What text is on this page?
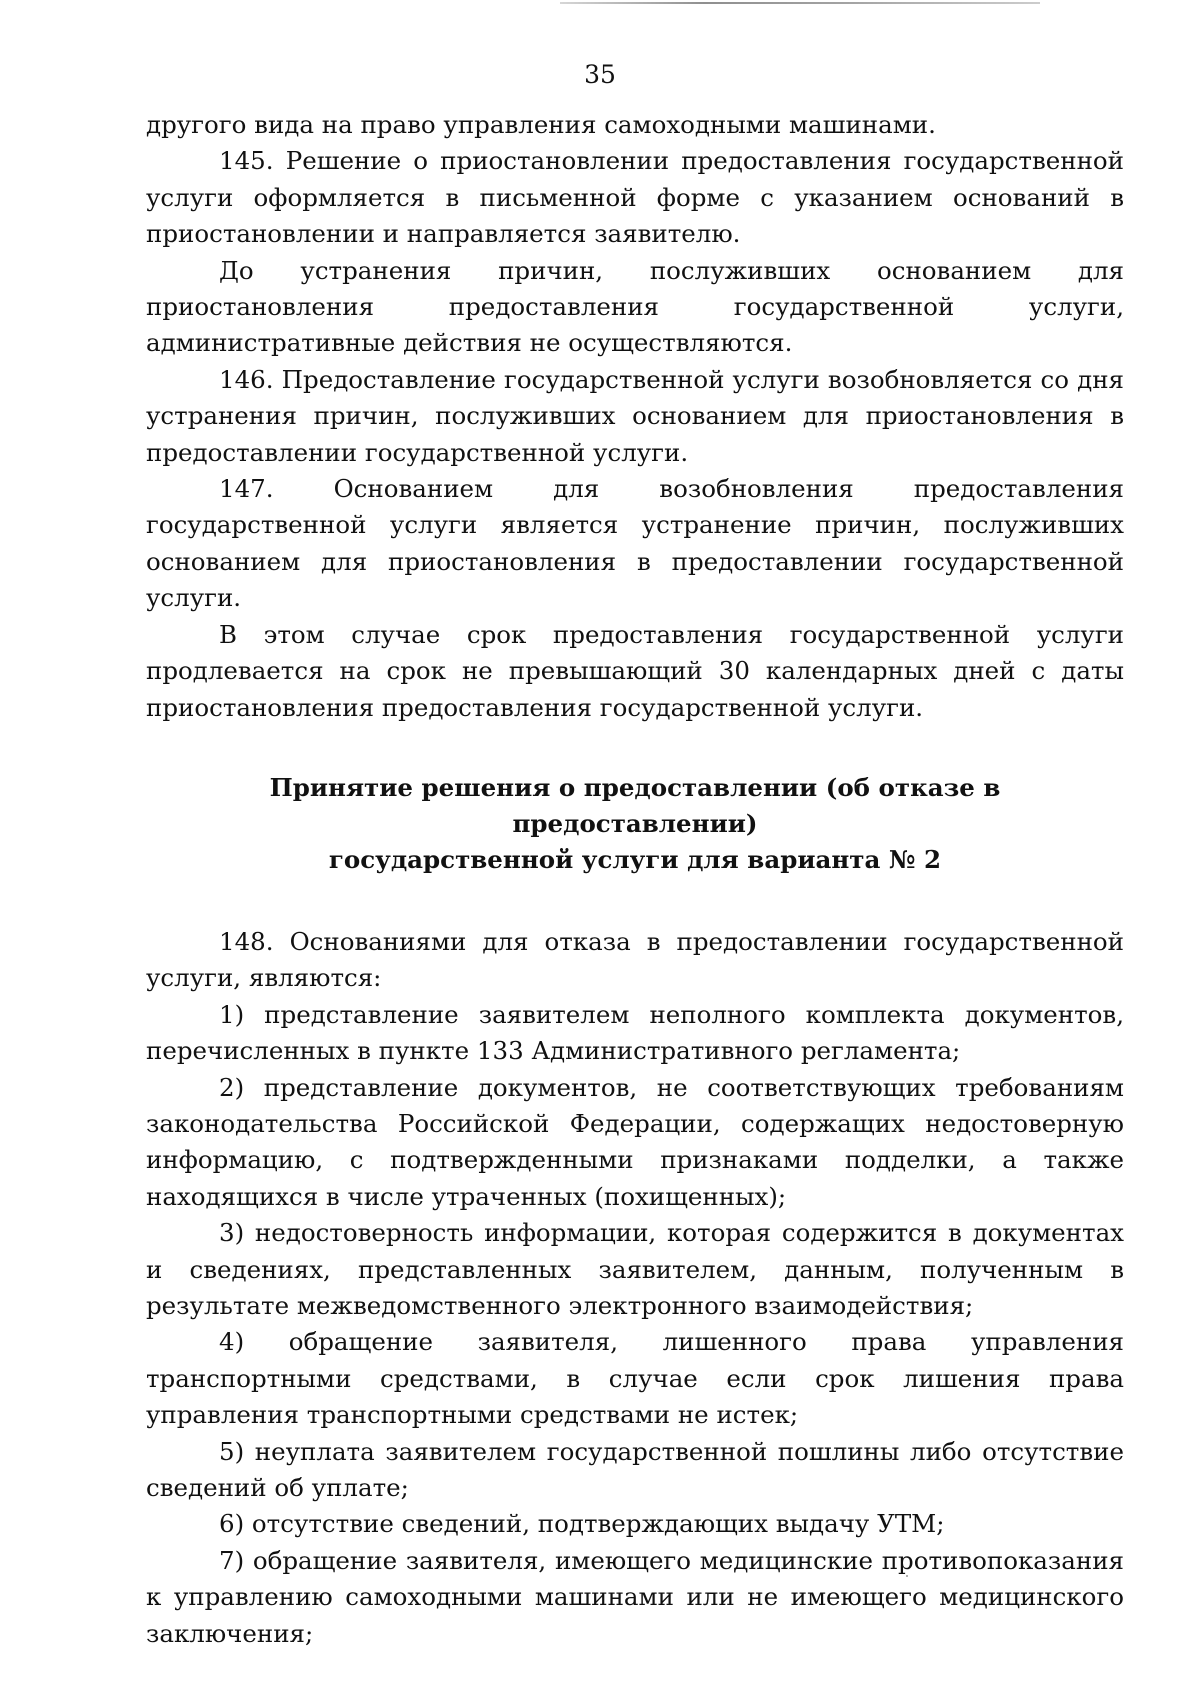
35

другого вида на право управления самоходными машинами.

145. Решение о приостановлении предоставления государственной услуги оформляется в письменной форме с указанием оснований в приостановлении и направляется заявителю.

До устранения причин, послуживших основанием для приостановления предоставления государственной услуги, административные действия не осуществляются.

146. Предоставление государственной услуги возобновляется со дня устранения причин, послуживших основанием для приостановления в предоставлении государственной услуги.

147. Основанием для возобновления предоставления государственной услуги является устранение причин, послуживших основанием для приостановления в предоставлении государственной услуги.

В этом случае срок предоставления государственной услуги продлевается на срок не превышающий 30 календарных дней с даты приостановления предоставления государственной услуги.

Принятие решения о предоставлении (об отказе в предоставлении)
государственной услуги для варианта № 2

148. Основаниями для отказа в предоставлении государственной услуги, являются:

1) представление заявителем неполного комплекта документов, перечисленных в пункте 133 Административного регламента;

2) представление документов, не соответствующих требованиям законодательства Российской Федерации, содержащих недостоверную информацию, с подтвержденными признаками подделки, а также находящихся в числе утраченных (похищенных);

3) недостоверность информации, которая содержится в документах и сведениях, представленных заявителем, данным, полученным в результате межведомственного электронного взаимодействия;

4) обращение заявителя, лишенного права управления транспортными средствами, в случае если срок лишения права управления транспортными средствами не истек;

5) неуплата заявителем государственной пошлины либо отсутствие сведений об уплате;

6) отсутствие сведений, подтверждающих выдачу УТМ;

7) обращение заявителя, имеющего медицинские противопоказания к управлению самоходными машинами или не имеющего медицинского заключения;
